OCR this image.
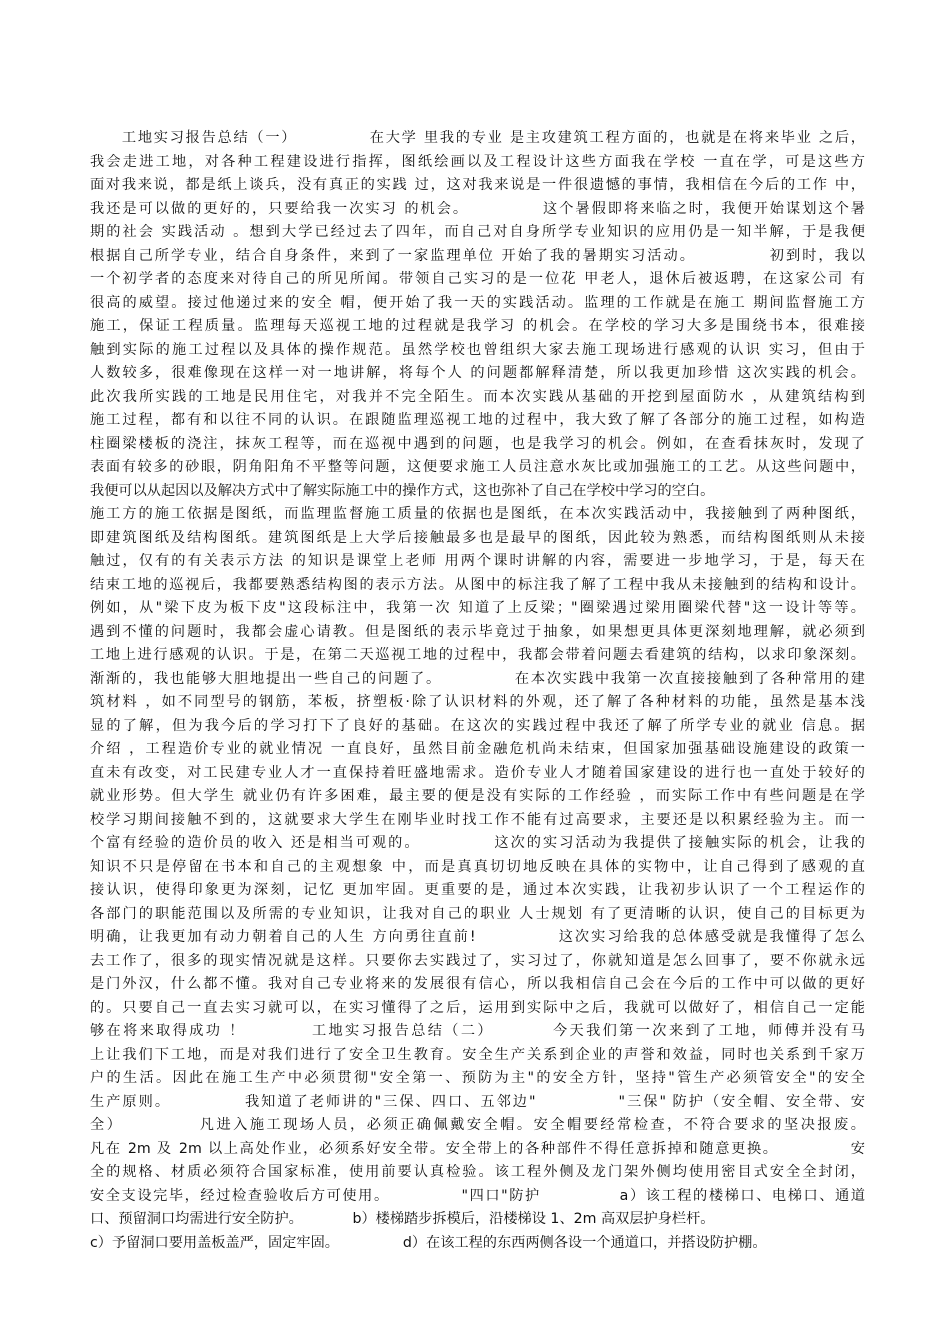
　　工地实习报告总结（一）　　　　　在大学 里我的专业 是主攻建筑工程方面的，也就是在将来毕业 之后，
我会走进工地，对各种工程建设进行指挥，图纸绘画以及工程设计这些方面我在学校 一直在学，可是这些方
面对我来说，都是纸上谈兵，没有真正的实践 过，这对我来说是一件很遗憾的事情，我相信在今后的工作 中，
我还是可以做的更好的，只要给我一次实习 的机会。　　　　　这个暑假即将来临之时，我便开始谋划这个暑
期的社会 实践活动 。想到大学已经过去了四年，而自己对自身所学专业知识的应用仍是一知半解，于是我便
根据自己所学专业，结合自身条件，来到了一家监理单位 开始了我的暑期实习活动。　　　　　初到时，我以
一个初学者的态度来对待自己的所见所闻。带领自己实习的是一位花 甲老人，退休后被返聘，在这家公司 有
很高的威望。接过他递过来的安全 帽，便开始了我一天的实践活动。监理的工作就是在施工 期间监督施工方
施工，保证工程质量。监理每天巡视工地的过程就是我学习 的机会。在学校的学习大多是围绕书本，很难接
触到实际的施工过程以及具体的操作规范。虽然学校也曾组织大家去施工现场进行感观的认识 实习，但由于
人数较多，很难像现在这样一对一地讲解，将每个人 的问题都解释清楚，所以我更加珍惜 这次实践的机会。
此次我所实践的工地是民用住宅，对我并不完全陌生。而本次实践从基础的开挖到屋面防水 ，从建筑结构到
施工过程，都有和以往不同的认识。在跟随监理巡视工地的过程中，我大致了解了各部分的施工过程，如构造
柱圈梁楼板的浇注，抹灰工程等，而在巡视中遇到的问题，也是我学习的机会。例如，在查看抹灰时，发现了
表面有较多的砂眼，阴角阳角不平整等问题，这便要求施工人员注意水灰比或加强施工的工艺。从这些问题中，
我便可以从起因以及解决方式中了解实际施工中的操作方式，这也弥补了自己在学校中学习的空白。
施工方的施工依据是图纸，而监理监督施工质量的依据也是图纸，在本次实践活动中，我接触到了两种图纸，
即建筑图纸及结构图纸。建筑图纸是上大学后接触最多也是最早的图纸，因此较为熟悉，而结构图纸则从未接
触过，仅有的有关表示方法 的知识是课堂上老师 用两个课时讲解的内容，需要进一步地学习，于是，每天在
结束工地的巡视后，我都要熟悉结构图的表示方法。从图中的标注我了解了工程中我从未接触到的结构和设计。
例如，从"梁下皮为板下皮"这段标注中，我第一次 知道了上反梁；"圈梁遇过梁用圈梁代替"这一设计等等。
遇到不懂的问题时，我都会虚心请教。但是图纸的表示毕竟过于抽象，如果想更具体更深刻地理解，就必须到
工地上进行感观的认识。于是，在第二天巡视工地的过程中，我都会带着问题去看建筑的结构，以求印象深刻。
渐渐的，我也能够大胆地提出一些自己的问题了。　　　　　在本次实践中我第一次直接接触到了各种常用的建
筑材料 ，如不同型号的钢筋，苯板，挤塑板·除了认识材料的外观，还了解了各种材料的功能，虽然是基本浅
显的了解，但为我今后的学习打下了良好的基础。在这次的实践过程中我还了解了所学专业的就业 信息。据
介绍 ，工程造价专业的就业情况 一直良好，虽然目前金融危机尚未结束，但国家加强基础设施建设的政策一
直未有改变，对工民建专业人才一直保持着旺盛地需求。造价专业人才随着国家建设的进行也一直处于较好的
就业形势。但大学生 就业仍有许多困难，最主要的便是没有实际的工作经验 ，而实际工作中有些问题是在学
校学习期间接触不到的，这就要求大学生在刚毕业时找工作不能有过高要求，主要还是以积累经验为主。而一
个富有经验的造价员的收入 还是相当可观的。　　　　　这次的实习活动为我提供了接触实际的机会，让我的
知识不只是停留在书本和自己的主观想象 中，而是真真切切地反映在具体的实物中，让自己得到了感观的直
接认识，使得印象更为深刻，记忆 更加牢固。更重要的是，通过本次实践，让我初步认识了一个工程运作的
各部门的职能范围以及所需的专业知识，让我对自己的职业 人士规划 有了更清晰的认识，使自己的目标更为
明确，让我更加有动力朝着自己的人生 方向勇往直前!　　　　　这次实习给我的总体感受就是我懂得了怎么
去工作了，很多的现实情况就是这样。只要你去实践过了，实习过了，你就知道是怎么回事了，要不你就永远
是门外汉，什么都不懂。我对自己专业将来的发展很有信心，所以我相信自己会在今后的工作中可以做的更好
的。只要自己一直去实习就可以，在实习懂得了之后，运用到实际中之后，我就可以做好了，相信自己一定能
够在将来取得成功 ！　　　　工地实习报告总结（二）　　　　今天我们第一次来到了工地，师傅并没有马
上让我们下工地，而是对我们进行了安全卫生教育。安全生产关系到企业的声誉和效益，同时也关系到千家万
户的生活。因此在施工生产中必须贯彻"安全第一、预防为主"的安全方针，坚持"管生产必须管安全"的安全
生产原则。　　　　　我知道了老师讲的"三保、四口、五邻边"　　　　　"三保" 防护（安全帽、安全带、安
全）　　　　　凡进入施工现场人员，必须正确佩戴安全帽。安全帽要经常检查，不符合要求的坚决报废。
凡在 2m 及 2m 以上高处作业，必须系好安全带。安全带上的各种部件不得任意拆掉和随意更换。　　　　　安
全的规格、材质必须符合国家标准，使用前要认真检验。该工程外侧及龙门架外侧均使用密目式安全全封闭，
安全支设完毕，经过检查验收后方可使用。　　　　　"四口"防护　　　　　a）该工程的楼梯口、电梯口、通道
口、预留洞口均需进行安全防护。　　　　b）楼梯踏步拆模后，沿楼梯设 1、2m 高双层护身栏杆。
c）予留洞口要用盖板盖严，固定牢固。　　　　　d）在该工程的东西两侧各设一个通道口，并搭设防护棚。
